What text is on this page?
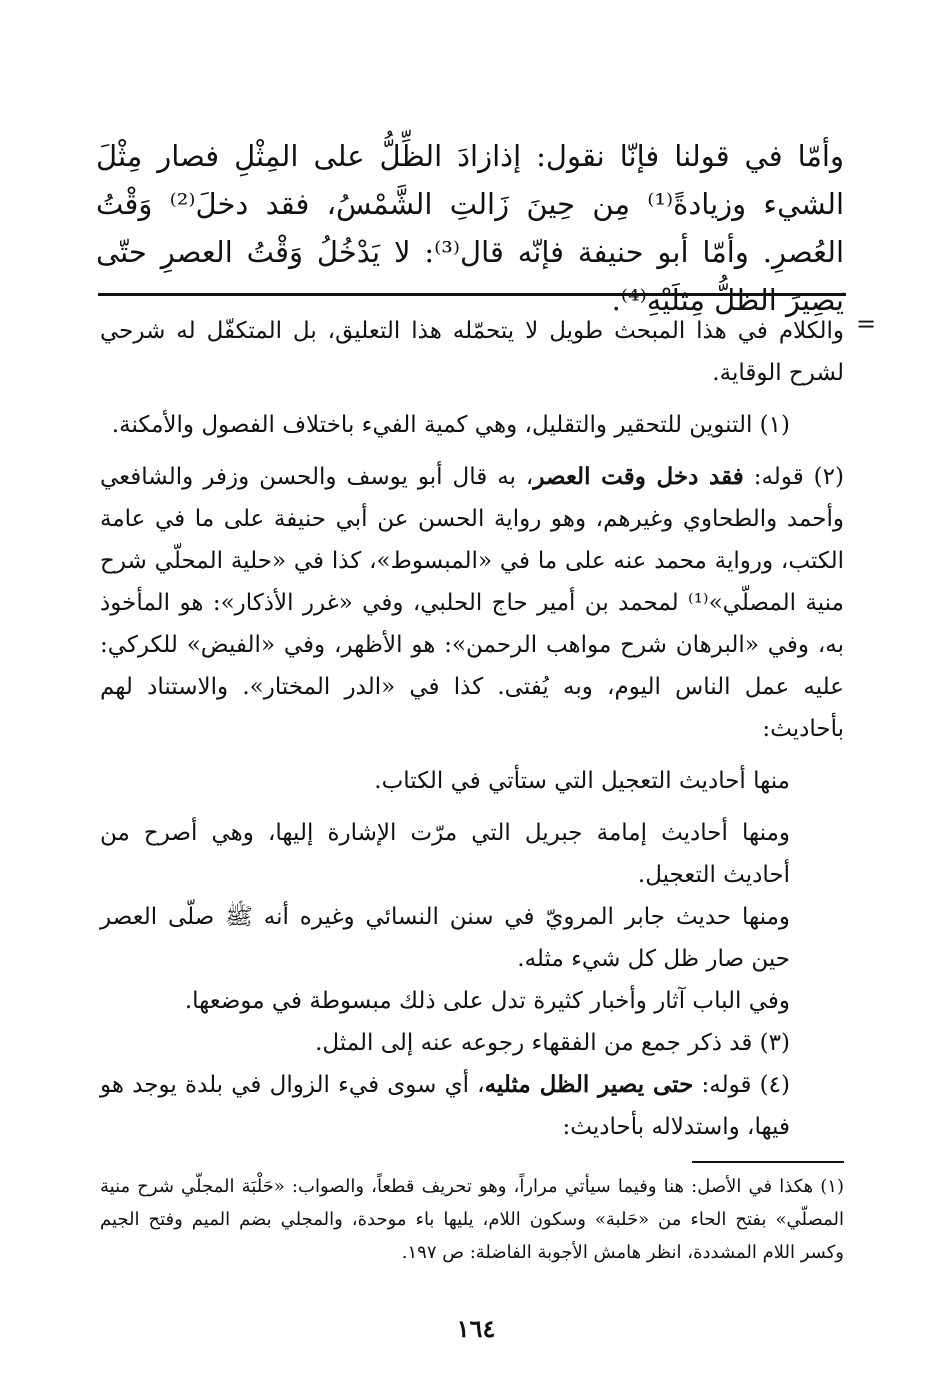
وأمّا في قولنا فإنّا نقول: إذازادَ الظِّلُّ على المِثْلِ فصار مِثْلَ الشيء وزيادةً⁽¹⁾ مِن حِينَ زَالتِ الشَّمْسُ، فقد دخلَ⁽²⁾ وَقْتُ العُصرِ. وأمّا أبو حنيفة فإنّه قال⁽³⁾: لا يَدْخُلُ وَقْتُ العصرِ حتّى يَصِيرَ الظلُّ مِثلَيْهِ⁽⁴⁾.
=

والكلام في هذا المبحث طويل لا يتحمّله هذا التعليق، بل المتكفّل له شرحي لشرح الوقاية.

(١) التنوين للتحقير والتقليل، وهي كمية الفيء باختلاف الفصول والأمكنة.

(٢) قوله: فقد دخل وقت العصر، به قال أبو يوسف والحسن وزفر والشافعي وأحمد والطحاوي وغيرهم، وهو رواية الحسن عن أبي حنيفة على ما في عامة الكتب، ورواية محمد عنه على ما في «المبسوط»، كذا في «حلية المحلّي شرح منية المصلّي»⁽¹⁾ لمحمد بن أمير حاج الحلبي، وفي «غرر الأذكار»: هو المأخوذ به، وفي «البرهان شرح مواهب الرحمن»: هو الأظهر، وفي «الفيض» للكركي: عليه عمل الناس اليوم، وبه يُفتى. كذا في «الدر المختار». والاستناد لهم بأحاديث:

منها أحاديث التعجيل التي ستأتي في الكتاب.

ومنها أحاديث إمامة جبريل التي مرّت الإشارة إليها، وهي أصرح من أحاديث التعجيل.

ومنها حديث جابر المرويّ في سنن النسائي وغيره أنه ﷺ صلّى العصر حين صار ظل كل شيء مثله.

وفي الباب آثار وأخبار كثيرة تدل على ذلك مبسوطة في موضعها.

(٣) قد ذكر جمع من الفقهاء رجوعه عنه إلى المثل.

(٤) قوله: حتى يصير الظل مثليه، أي سوى فيء الزوال في بلدة يوجد هو فيها، واستدلاله بأحاديث:

(١) هكذا في الأصل: هنا وفيما سيأتي مراراً، وهو تحريف قطعاً، والصواب: «حَلْبَة المجلّي شرح منية المصلّي» بفتح الحاء من «حَلبة» وسكون اللام، يليها باء موحدة، والمجلي بضم الميم وفتح الجيم وكسر اللام المشددة، انظر هامش الأجوبة الفاضلة: ص ١٩٧.
١٦٤
